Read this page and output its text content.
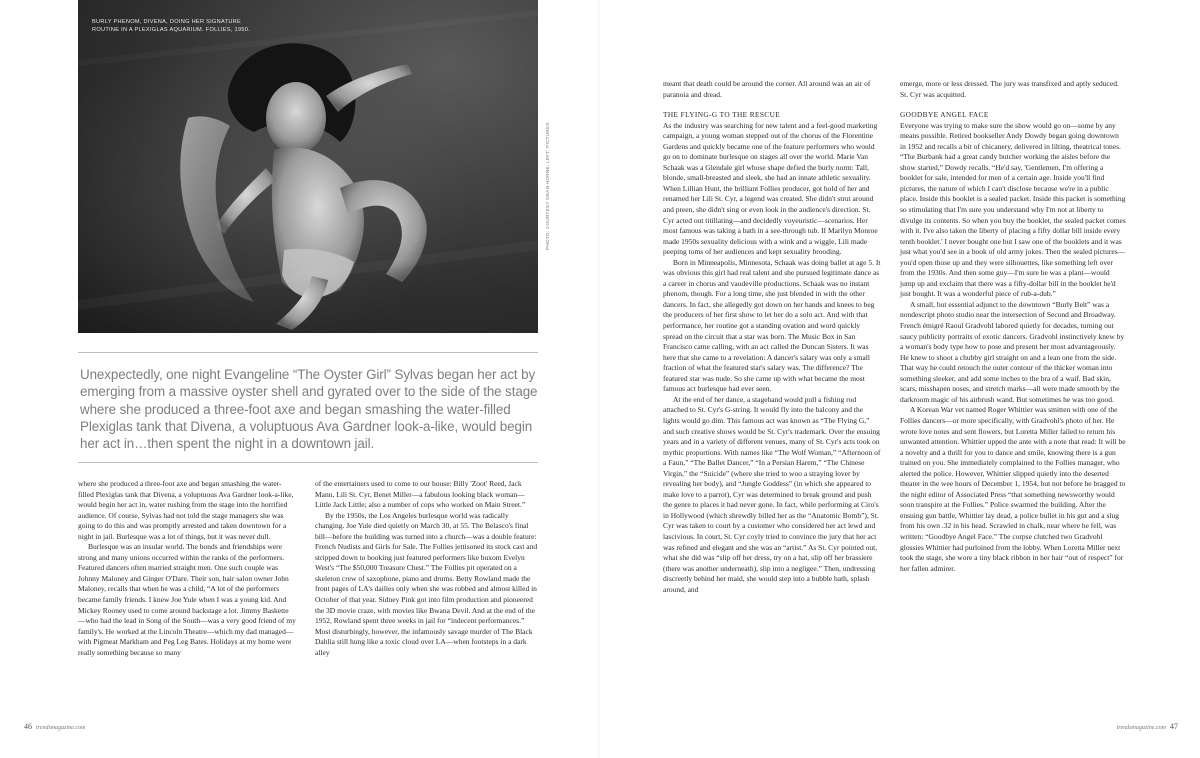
BURLY PHENOM, DIVENA, DOING HER SIGNATURE
ROUTINE IN A PLEXIGLAS AQUARIUM. FOLLIES, 1950.
PHOTO: COURTESY DEAN HORNE, LEFT: PICTURES
Unexpectedly, one night Evangeline “The Oyster Girl” Sylvas began her act by emerging from a massive oyster shell and gyrated over to the side of the stage where she produced a three-foot axe and began smashing the water-filled Plexiglas tank that Divena, a voluptuous Ava Gardner look-a-like, would begin her act in…then spent the night in a downtown jail.

where she produced a three-foot axe and began smashing the water-filled Plexiglas tank that Divena, a voluptuous Ava Gardner look-a-like, would begin her act in, water rushing from the stage into the horrified audience. Of course, Sylvas had not told the stage managers she was going to do this and was promptly arrested and taken downtown for a night in jail. Burlesque was a lot of things, but it was never dull.

Burlesque was an insular world. The bonds and friendships were strong and many unions occurred within the ranks of the performers. Featured dancers often married straight men. One such couple was Johnny Maloney and Ginger O'Dare. Their son, hair salon owner John Maloney, recalls that when he was a child, “A lot of the performers became family friends. I knew Joe Yule when I was a young kid. And Mickey Rooney used to come around backstage a lot. Jimmy Baskette—who had the lead in Song of the South—was a very good friend of my family's. He worked at the Lincoln Theatre—which my dad managed—with Pigmeat Markham and Peg Leg Bates. Holidays at my home were really something because so many

of the entertainers used to come to our house: Billy 'Zoot' Reed, Jack Mann, Lili St. Cyr, Benet Miller—a fabulous looking black woman—Little Jack Little; also a number of cops who worked on Main Street.”

By the 1950s, the Los Angeles burlesque world was radically changing. Joe Yule died quietly on March 30, at 55. The Belasco's final bill—before the building was turned into a church—was a double feature: French Nudists and Girls for Sale. The Follies jettisoned its stock cast and stripped down to booking just featured performers like buxom Evelyn West's “The $50,000 Treasure Chest.” The Follies pit operated on a skeleton crew of saxophone, piano and drums. Betty Rowland made the front pages of LA's dailies only when she was robbed and almost killed in October of that year. Sidney Pink got into film production and pioneered the 3D movie craze, with movies like Bwana Devil. And at the end of the 1952, Rowland spent three weeks in jail for “indecent performances.” Most disturbingly, however, the infamously savage murder of The Black Dahlia still hung like a toxic cloud over LA—when footsteps in a dark alley

46 trendsmagazine.com

meant that death could be around the corner. All around was an air of paranoia and dread.

THE FLYING-G TO THE RESCUE

As the industry was searching for new talent and a feel-good marketing campaign, a young woman stepped out of the chorus of the Florentine Gardens and quickly became one of the feature performers who would go on to dominate burlesque on stages all over the world. Marie Van Schaak was a Glendale girl whose shape defied the burly norm: Tall, blonde, small-breasted and sleek, she had an innate athletic sexuality. When Lillian Hunt, the brilliant Follies producer, got hold of her and renamed her Lili St. Cyr, a legend was created. She didn't strut around and preen, she didn't sing or even look in the audience's direction. St. Cyr acted out titillating—and decidedly voyeuristic—scenarios. Her most famous was taking a bath in a see-through tub. If Marilyn Monroe made 1950s sexuality delicious with a wink and a wiggle, Lili made peeping toms of her audiences and kept sexuality brooding.

Born in Minneapolis, Minnesota, Schaak was doing ballet at age 5. It was obvious this girl had real talent and she pursued legitimate dance as a career in chorus and vaudeville productions. Schaak was no instant phenom, though. For a long time, she just blended in with the other dancers. In fact, she allegedly got down on her hands and knees to beg the producers of her first show to let her do a solo act. And with that performance, her routine got a standing ovation and word quickly spread on the circuit that a star was born. The Music Box in San Francisco came calling, with an act called the Duncan Sisters. It was here that she came to a revelation: A dancer's salary was only a small fraction of what the featured star's salary was. The difference? The featured star was nude. So she came up with what became the most famous act burlesque had ever seen.

At the end of her dance, a stagehand would pull a fishing rod attached to St. Cyr's G-string. It would fly into the balcony and the lights would go dim. This famous act was known as “The Flying G,” and such creative shows would be St. Cyr's trademark. Over the ensuing years and in a variety of different venues, many of St. Cyr's acts took on mythic proportions. With names like “The Wolf Woman,” “Afternoon of a Faun,” “The Ballet Dancer,” “In a Persian Harem,” “The Chinese Virgin,” the “Suicide” (where she tried to woo a straying lover by revealing her body), and “Jungle Goddess” (in which she appeared to make love to a parrot), Cyr was determined to break ground and push the genre to places it had never gone. In fact, while performing at Ciro's in Hollywood (which shrewdly billed her as the “Anatomic Bomb”), St. Cyr was taken to court by a customer who considered her act lewd and lascivious. In court, St. Cyr coyly tried to convince the jury that her act was refined and elegant and she was an “artist.” As St. Cyr pointed out, what she did was “slip off her dress, try on a hat, slip off her brassiere (there was another underneath), slip into a negligee.” Then, undressing discreetly behind her maid, she would step into a bubble bath, splash around, and

emerge, more or less dressed. The jury was transfixed and aptly seduced. St. Cyr was acquitted.

GOODBYE ANGEL FACE

Everyone was trying to make sure the show would go on—some by any means possible. Retired bookseller Andy Dowdy began going downtown in 1952 and recalls a bit of chicanery, delivered in lilting, theatrical tones. “The Burbank had a great candy butcher working the aisles before the show started,” Dowdy recalls. “He'd say, 'Gentlemen, I'm offering a booklet for sale, intended for men of a certain age. Inside you'll find pictures, the nature of which I can't disclose because we're in a public place. Inside this booklet is a sealed packet. Inside this packet is something so stimulating that I'm sure you understand why I'm not at liberty to divulge its contents. So when you buy the booklet, the sealed packet comes with it. I've also taken the liberty of placing a fifty dollar bill inside every tenth booklet.' I never bought one but I saw one of the booklets and it was just what you'd see in a book of old army jokes. Then the sealed pictures—you'd open those up and they were silhouettes, like something left over from the 1930s. And then some guy—I'm sure he was a plant—would jump up and exclaim that there was a fifty-dollar bill in the booklet he'd just bought. It was a wonderful piece of rub-a-dub.”

A small, but essential adjunct to the downtown “Burly Belt” was a nondescript photo studio near the intersection of Second and Broadway. French émigré Raoul Gradvohl labored quietly for decades, turning out saucy publicity portraits of exotic dancers. Gradvohl instinctively knew by a woman's body type how to pose and present her most advantageously. He knew to shoot a chubby girl straight on and a lean one from the side. That way he could retouch the outer contour of the thicker woman into something sleeker, and add some inches to the bra of a waif. Bad skin, scars, misshapen noses, and stretch marks—all were made smooth by the darkroom magic of his airbrush wand. But sometimes he was too good.

A Korean War vet named Roger Whittier was smitten with one of the Follies dancers—or more specifically, with Gradvohl's photo of her. He wrote love notes and sent flowers, but Loretta Miller failed to return his unwanted attention. Whittier upped the ante with a note that read: It will be a novelty and a thrill for you to dance and smile, knowing there is a gun trained on you. She immediately complained to the Follies manager, who alerted the police. However, Whittier slipped quietly into the deserted theater in the wee hours of December 1, 1954, but not before he bragged to the night editor of Associated Press “that something newsworthy would soon transpire at the Follies.” Police swarmed the building. After the ensuing gun battle, Whittier lay dead, a police bullet in his gut and a slug from his own .32 in his head. Scrawled in chalk, near where he fell, was written: “Goodbye Angel Face.” The corpse clutched two Gradvohl glossies Whittier had purloined from the lobby. When Loretta Miller next took the stage, she wore a tiny black ribbon in her hair “out of respect” for her fallen admirer.

trendsmagazine.com 47
